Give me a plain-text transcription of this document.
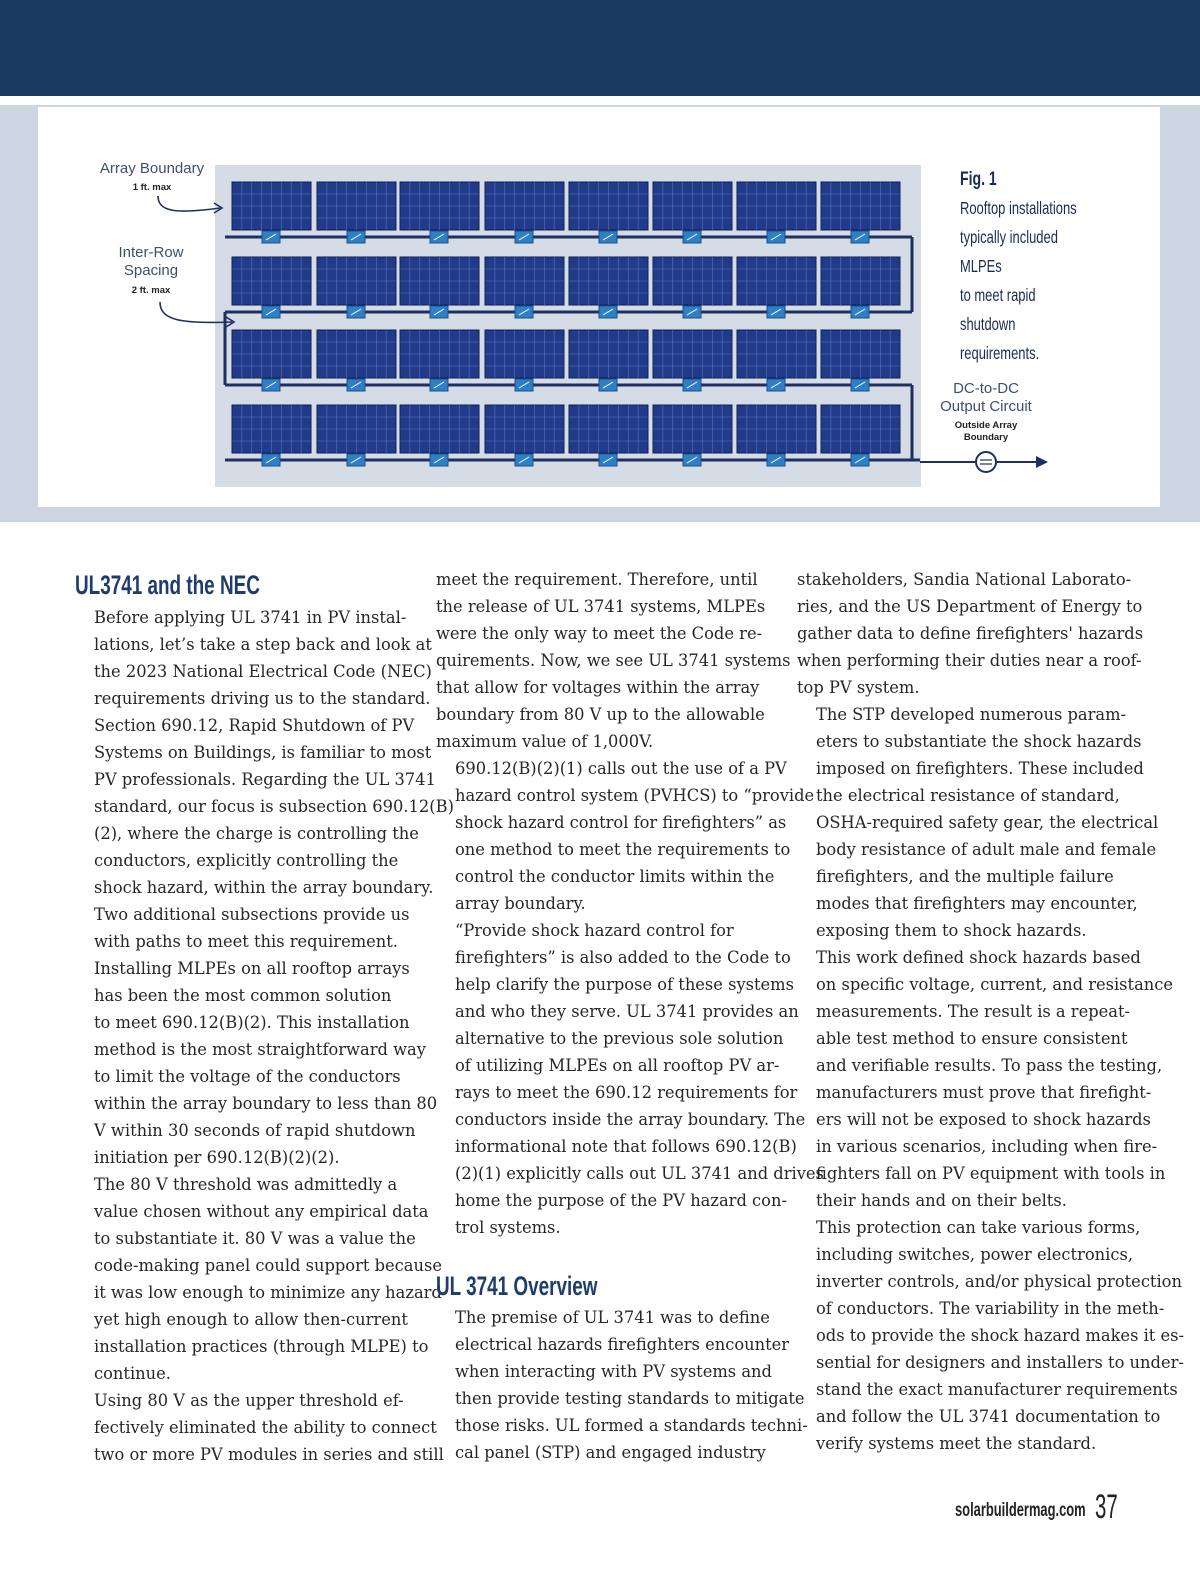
Array Boundary
1 ft. max
Inter-Row
Spacing
2 ft. max
DC-to-DC
Output Circuit
Outside Array
Boundary
Fig. 1
Rooftop installations
typically included MLPEs
to meet rapid shutdown
requirements.
UL3741 and the NEC

Before applying UL 3741 in PV instal-
lations, let’s take a step back and look at
the 2023 National Electrical Code (NEC)
requirements driving us to the standard.
Section 690.12, Rapid Shutdown of PV
Systems on Buildings, is familiar to most
PV professionals. Regarding the UL 3741
standard, our focus is subsection 690.12(B)
(2), where the charge is controlling the
conductors, explicitly controlling the
shock hazard, within the array boundary.
Two additional subsections provide us
with paths to meet this requirement.

Installing MLPEs on all rooftop arrays
has been the most common solution
to meet 690.12(B)(2). This installation
method is the most straightforward way
to limit the voltage of the conductors
within the array boundary to less than 80
V within 30 seconds of rapid shutdown
initiation per 690.12(B)(2)(2).

The 80 V threshold was admittedly a
value chosen without any empirical data
to substantiate it. 80 V was a value the
code-making panel could support because
it was low enough to minimize any hazard
yet high enough to allow then-current
installation practices (through MLPE) to
continue.

Using 80 V as the upper threshold ef-
fectively eliminated the ability to connect
two or more PV modules in series and still

meet the requirement. Therefore, until
the release of UL 3741 systems, MLPEs
were the only way to meet the Code re-
quirements. Now, we see UL 3741 systems
that allow for voltages within the array
boundary from 80 V up to the allowable
maximum value of 1,000V.

690.12(B)(2)(1) calls out the use of a PV
hazard control system (PVHCS) to “provide
shock hazard control for firefighters” as
one method to meet the requirements to
control the conductor limits within the
array boundary.

“Provide shock hazard control for
firefighters” is also added to the Code to
help clarify the purpose of these systems
and who they serve. UL 3741 provides an
alternative to the previous sole solution
of utilizing MLPEs on all rooftop PV ar-
rays to meet the 690.12 requirements for
conductors inside the array boundary. The
informational note that follows 690.12(B)
(2)(1) explicitly calls out UL 3741 and drives
home the purpose of the PV hazard con-
trol systems.

UL 3741 Overview

The premise of UL 3741 was to define
electrical hazards firefighters encounter
when interacting with PV systems and
then provide testing standards to mitigate
those risks. UL formed a standards techni-
cal panel (STP) and engaged industry

stakeholders, Sandia National Laborato-
ries, and the US Department of Energy to
gather data to define firefighters' hazards
when performing their duties near a roof-
top PV system.

The STP developed numerous param-
eters to substantiate the shock hazards
imposed on firefighters. These included
the electrical resistance of standard,
OSHA-required safety gear, the electrical
body resistance of adult male and female
firefighters, and the multiple failure
modes that firefighters may encounter,
exposing them to shock hazards.

This work defined shock hazards based
on specific voltage, current, and resistance
measurements. The result is a repeat-
able test method to ensure consistent
and verifiable results. To pass the testing,
manufacturers must prove that firefight-
ers will not be exposed to shock hazards
in various scenarios, including when fire-
fighters fall on PV equipment with tools in
their hands and on their belts.

This protection can take various forms,
including switches, power electronics,
inverter controls, and/or physical protection
of conductors. The variability in the meth-
ods to provide the shock hazard makes it es-
sential for designers and installers to under-
stand the exact manufacturer requirements
and follow the UL 3741 documentation to
verify systems meet the standard.

solarbuildermag.com 37
